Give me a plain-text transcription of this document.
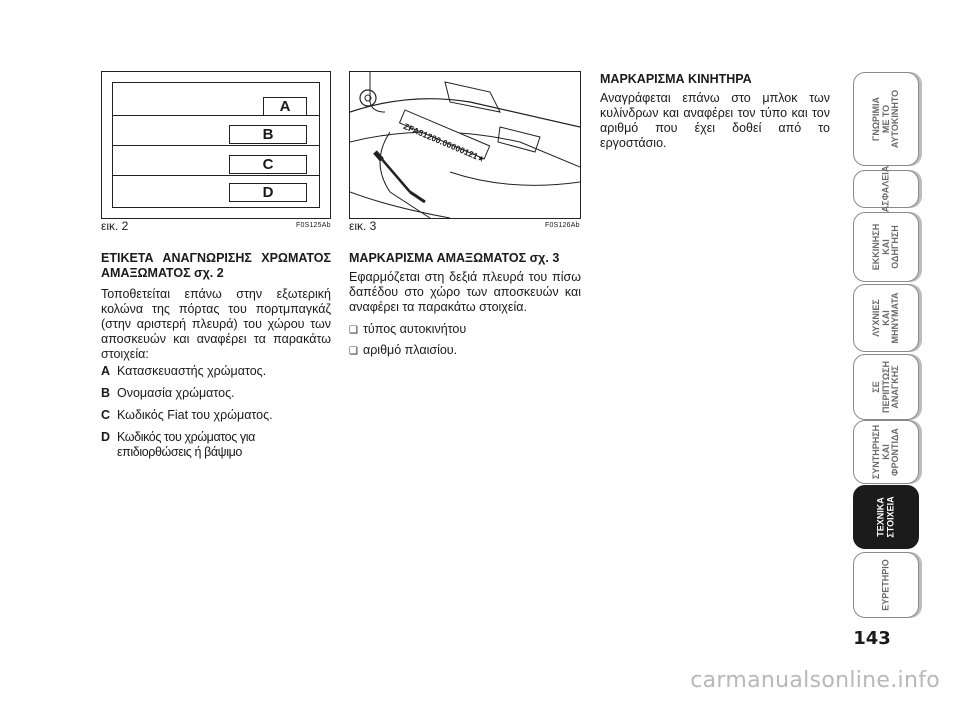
A
B
C
D
εικ. 2	F0S125Ab
ZFA31200.00000121★
εικ. 3	F0S126Ab
ΕΤΙΚΕΤΑ ΑΝΑΓΝΩΡΙΣΗΣ ΧΡΩΜΑΤΟΣ ΑΜΑΞΩΜΑΤΟΣ σχ. 2
Τοποθετείται επάνω στην εξωτερική κολώνα της πόρτας του πορτμπαγκάζ (στην αριστερή πλευρά) του χώρου των αποσκευών και αναφέρει τα παρακάτω στοιχεία:
A Κατασκευαστής χρώματος.
B Ονομασία χρώματος.
C Κωδικός Fiat του χρώματος.
D Κωδικός του χρώματος για επιδιορθώσεις ή βάψιμο
ΜΑΡΚΑΡΙΣΜΑ ΑΜΑΞΩΜΑΤΟΣ σχ. 3
Εφαρμόζεται στη δεξιά πλευρά του πίσω δαπέδου στο χώρο των αποσκευών και αναφέρει τα παρακάτω στοιχεία.
❑ τύπος αυτοκινήτου
❑ αριθμό πλαισίου.
ΜΑΡΚΑΡΙΣΜΑ ΚΙΝΗΤΗΡΑ
Αναγράφεται επάνω στο μπλοκ των κυλίνδρων και αναφέρει τον τύπο και τον αριθμό που έχει δοθεί από το εργοστάσιο.
ΓΝΩΡΙΜΙΑ
ΜΕ ΤΟ
ΑΥΤΟΚΙΝΗΤΟ
ΑΣΦΑΛΕΙΑ
ΕΚΚΙΝΗΣΗ
ΚΑΙ
ΟΔΗΓΗΣΗ
ΛΥΧΝΙΕΣ
ΚΑΙ
ΜΗΝΥΜΑΤΑ
ΣΕ
ΠΕΡΙΠΤΩΣΗ
ΑΝΑΓΚΗΣ
ΣΥΝΤΗΡΗΣΗ
ΚΑΙ
ΦΡΟΝΤΙΔΑ
ΤΕΧΝΙΚΑ
ΣΤΟΙΧΕΙΑ
ΕΥΡΕΤΗΡΙΟ
143
carmanualsonline.info
